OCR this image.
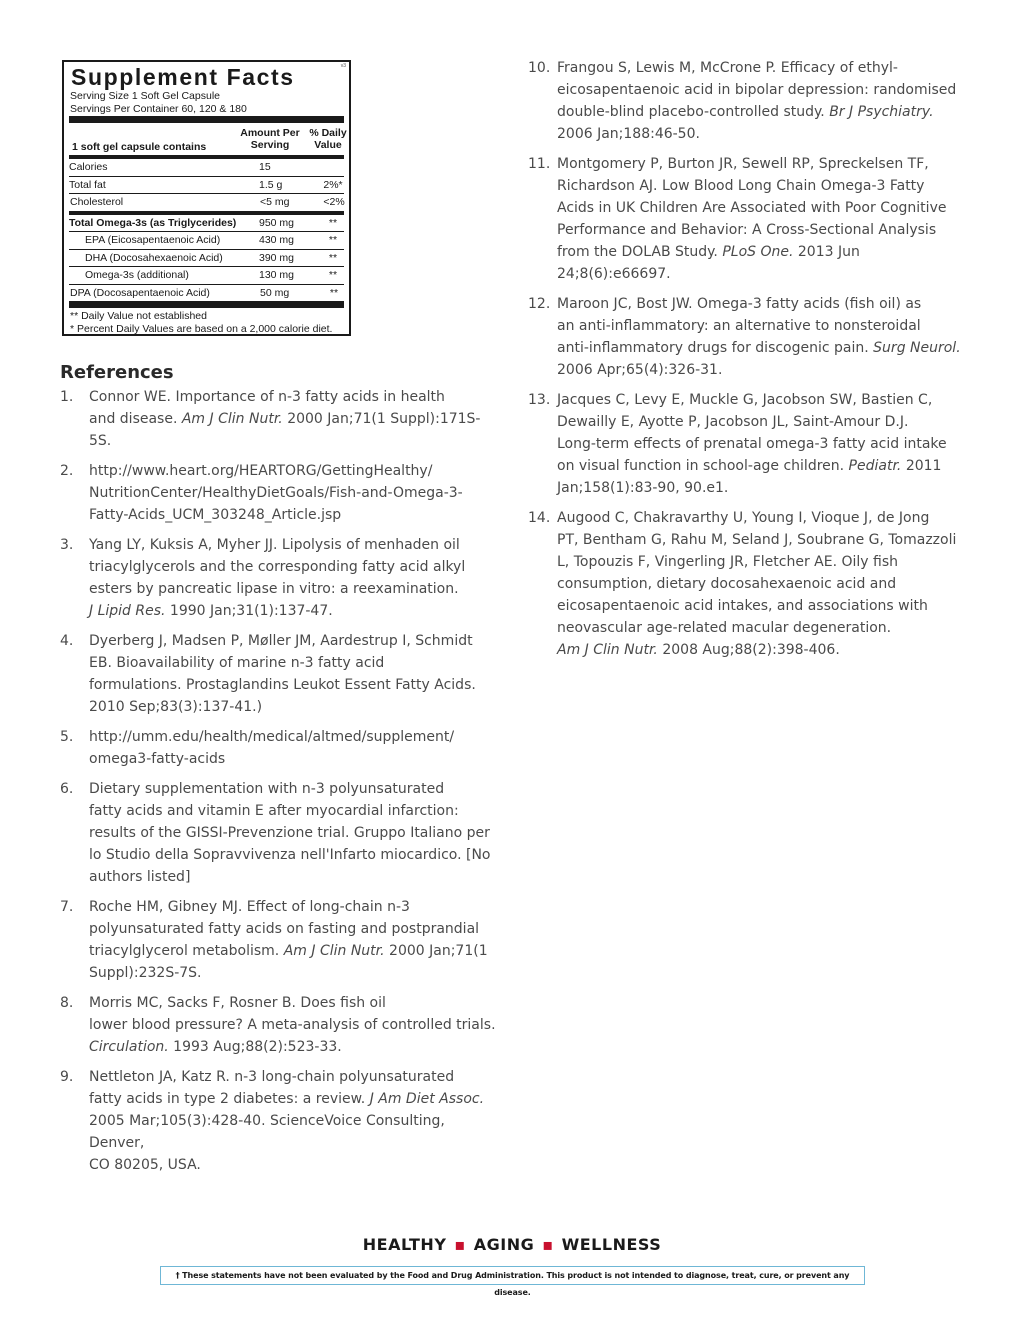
Supplement Facts	v3
Serving Size 1 Soft Gel Capsule
Servings Per Container 60, 120 & 180
1 soft gel capsule contains
Amount Per Serving
% Daily Value
Calories	15
Total fat	1.5 g	2%*
Cholesterol	<5 mg	<2%
Total Omega-3s (as Triglycerides) 950 mg	**
EPA (Eicosapentaenoic Acid)	430 mg	**
DHA (Docosahexaenoic Acid)	390 mg	**
Omega-3s (additional)	130 mg	**
DPA (Docosapentaenoic Acid)	50 mg	**
** Daily Value not established
* Percent Daily Values are based on a 2,000 calorie diet.
References
1. Connor WE. Importance of n-3 fatty acids in health
and disease. Am J Clin Nutr. 2000 Jan;71(1 Suppl):171S-5S.
2. http://www.heart.org/HEARTORG/GettingHealthy/
NutritionCenter/HealthyDietGoals/Fish-and-Omega-3-
Fatty-Acids_UCM_303248_Article.jsp
3. Yang LY, Kuksis A, Myher JJ. Lipolysis of menhaden oil
triacylglycerols and the corresponding fatty acid alkyl
esters by pancreatic lipase in vitro: a reexamination.
J Lipid Res. 1990 Jan;31(1):137-47.
4. Dyerberg J, Madsen P, Møller JM, Aardestrup I, Schmidt
EB. Bioavailability of marine n-3 fatty acid
formulations. Prostaglandins Leukot Essent Fatty Acids.
2010 Sep;83(3):137-41.)
5. http://umm.edu/health/medical/altmed/supplement/
omega3-fatty-acids
6. Dietary supplementation with n-3 polyunsaturated
fatty acids and vitamin E after myocardial infarction:
results of the GISSI-Prevenzione trial. Gruppo Italiano per
lo Studio della Sopravvivenza nell'Infarto miocardico. [No
authors listed]
7. Roche HM, Gibney MJ. Effect of long-chain n-3
polyunsaturated fatty acids on fasting and postprandial
triacylglycerol metabolism. Am J Clin Nutr. 2000 Jan;71(1
Suppl):232S-7S.
8. Morris MC, Sacks F, Rosner B. Does fish oil
lower blood pressure? A meta-analysis of controlled trials.
Circulation. 1993 Aug;88(2):523-33.
9. Nettleton JA, Katz R. n-3 long-chain polyunsaturated
fatty acids in type 2 diabetes: a review. J Am Diet Assoc.
2005 Mar;105(3):428-40. ScienceVoice Consulting, Denver,
CO 80205, USA.
10. Frangou S, Lewis M, McCrone P. Efficacy of ethyl-
eicosapentaenoic acid in bipolar depression: randomised
double-blind placebo-controlled study. Br J Psychiatry.
2006 Jan;188:46-50.
11. Montgomery P, Burton JR, Sewell RP, Spreckelsen TF,
Richardson AJ. Low Blood Long Chain Omega-3 Fatty
Acids in UK Children Are Associated with Poor Cognitive
Performance and Behavior: A Cross-Sectional Analysis
from the DOLAB Study. PLoS One. 2013 Jun 24;8(6):e66697.
12. Maroon JC, Bost JW. Omega-3 fatty acids (fish oil) as
an anti-inflammatory: an alternative to nonsteroidal
anti-inflammatory drugs for discogenic pain. Surg Neurol.
2006 Apr;65(4):326-31.
13. Jacques C, Levy E, Muckle G, Jacobson SW, Bastien C,
Dewailly E, Ayotte P, Jacobson JL, Saint-Amour D.J.
Long-term effects of prenatal omega-3 fatty acid intake
on visual function in school-age children. Pediatr. 2011
Jan;158(1):83-90, 90.e1.
14. Augood C, Chakravarthy U, Young I, Vioque J, de Jong
PT, Bentham G, Rahu M, Seland J, Soubrane G, Tomazzoli
L, Topouzis F, Vingerling JR, Fletcher AE. Oily fish
consumption, dietary docosahexaenoic acid and
eicosapentaenoic acid intakes, and associations with
neovascular age-related macular degeneration.
Am J Clin Nutr. 2008 Aug;88(2):398-406.
HEALTHY ▪ AGING ▪ WELLNESS
† These statements have not been evaluated by the Food and Drug Administration. This product is not intended to diagnose, treat, cure, or prevent any disease.
